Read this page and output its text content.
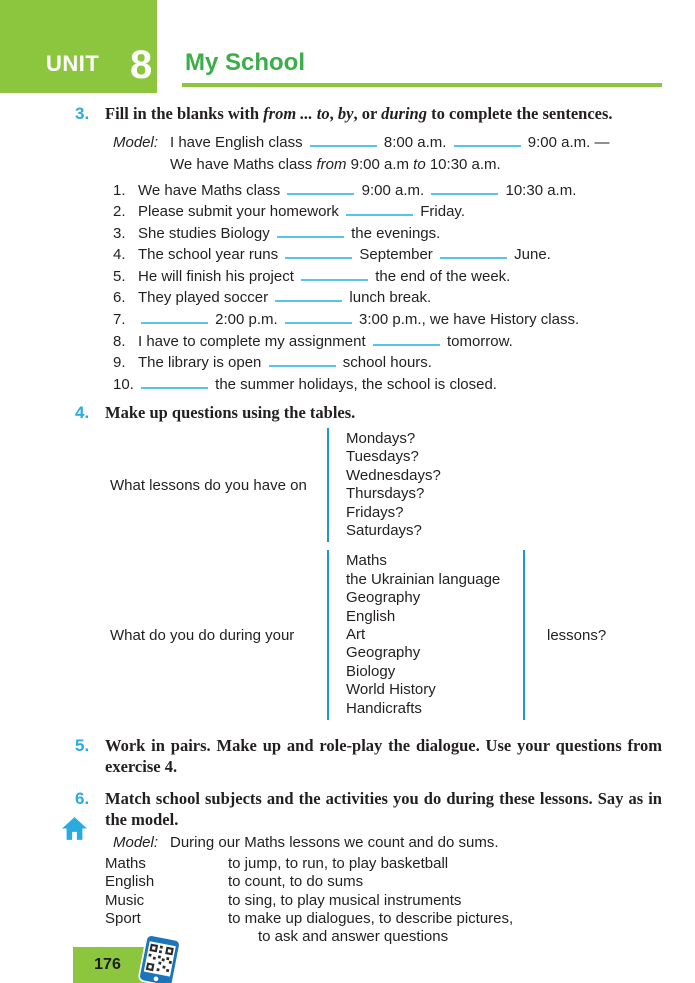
UNIT 8 My School
3. Fill in the blanks with from ... to, by, or during to complete the sentences.
Model: I have English class	8:00 a.m.	9:00 a.m. —
We have Maths class from 9:00 a.m to 10:30 a.m.
1. We have Maths class	9:00 a.m.	10:30 a.m.
2. Please submit your homework	Friday.
3. She studies Biology	the evenings.
4. The school year runs	September	June.
5. He will finish his project	the end of the week.
6. They played soccer	lunch break.
7.	2:00 p.m.	3:00 p.m., we have History class.
8. I have to complete my assignment	tomorrow.
9. The library is open	school hours.
10.	the summer holidays, the school is closed.
4. Make up questions using the tables.
What lessons do you have on
Mondays?
Tuesdays?
Wednesdays?
Thursdays?
Fridays?
Saturdays?
What do you do during your
Maths
the Ukrainian language
Geography
English
Art
Geography
Biology
World History
Handicrafts
lessons?
5. Work in pairs. Make up and role-play the dialogue. Use your questions from exercise 4.
6. Match school subjects and the activities you do during these lessons. Say as in the model.
Model: During our Maths lessons we count and do sums.
Maths	to jump, to run, to play basketball
English	to count, to do sums
Music	to sing, to play musical instruments
Sport	to make up dialogues, to describe pictures,
to ask and answer questions
176
